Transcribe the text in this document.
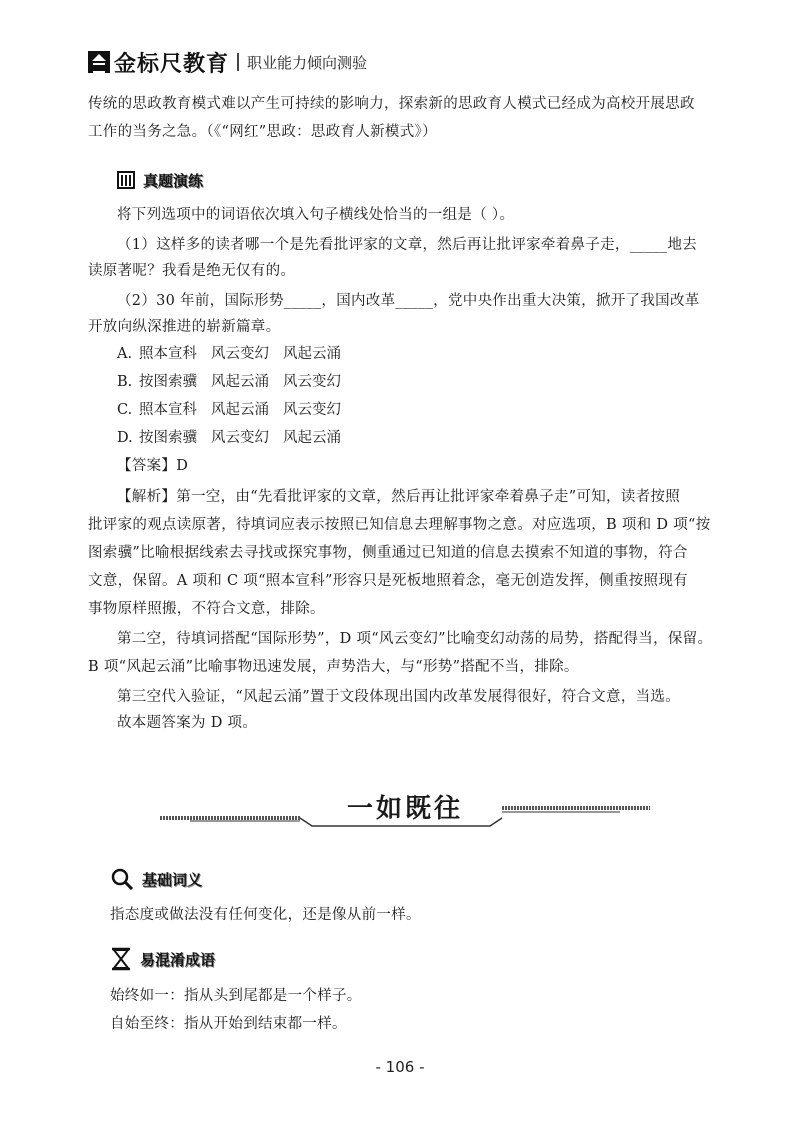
金标尺教育 职业能力倾向测验

传统的思政教育模式难以产生可持续的影响力，探索新的思政育人模式已经成为高校开展思政

工作的当务之急。（《“网红”思政：思政育人新模式》）

真题演练

将下列选项中的词语依次填入句子横线处恰当的一组是（ ）。

（1）这样多的读者哪一个是先看批评家的文章，然后再让批评家牵着鼻子走，_____地去

读原著呢？我看是绝无仅有的。

（2）30 年前，国际形势_____，国内改革_____，党中央作出重大决策，掀开了我国改革

开放向纵深推进的崭新篇章。

A. 照本宣科 风云变幻 风起云涌
B. 按图索骥 风起云涌 风云变幻
C. 照本宣科 风起云涌 风云变幻
D. 按图索骥 风云变幻 风起云涌

【答案】D

【解析】第一空，由“先看批评家的文章，然后再让批评家牵着鼻子走”可知，读者按照

批评家的观点读原著，待填词应表示按照已知信息去理解事物之意。对应选项，B 项和 D 项“按

图索骥”比喻根据线索去寻找或探究事物，侧重通过已知道的信息去摸索不知道的事物，符合

文意，保留。A 项和 C 项“照本宣科”形容只是死板地照着念，毫无创造发挥，侧重按照现有

事物原样照搬，不符合文意，排除。

第二空，待填词搭配“国际形势”，D 项“风云变幻”比喻变幻动荡的局势，搭配得当，保留。

B 项“风起云涌”比喻事物迅速发展，声势浩大，与“形势”搭配不当，排除。

第三空代入验证，“风起云涌”置于文段体现出国内改革发展得很好，符合文意，当选。

故本题答案为 D 项。

一如既往
基础词义

指态度或做法没有任何变化，还是像从前一样。

易混淆成语

始终如一：指从头到尾都是一个样子。

自始至终：指从开始到结束都一样。

- 106 -
